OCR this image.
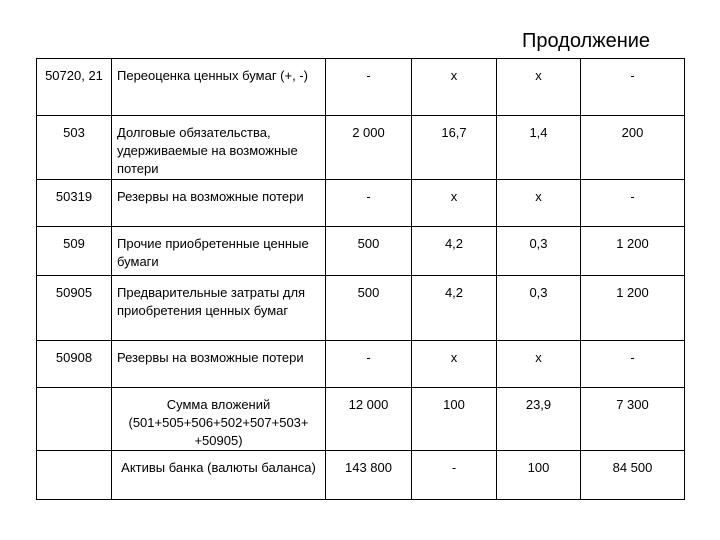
Продолжение
50720, 21	Переоценка ценных бумаг (+, -)	-	x	x	-
503	Долговые обязательства, удерживаемые на возможные потери	2 000	16,7	1,4	200
50319	Резервы на возможные потери	-	x	x	-
509	Прочие приобретенные ценные бумаги	500	4,2	0,3	1 200
50905	Предварительные затраты для приобретения ценных бумаг	500	4,2	0,3	1 200
50908	Резервы на возможные потери	-	x	x	-
	Сумма вложений (501+505+506+502+507+503+ +50905)	12 000	100	23,9	7 300
	Активы банка (валюты баланса)	143 800	-	100	84 500
